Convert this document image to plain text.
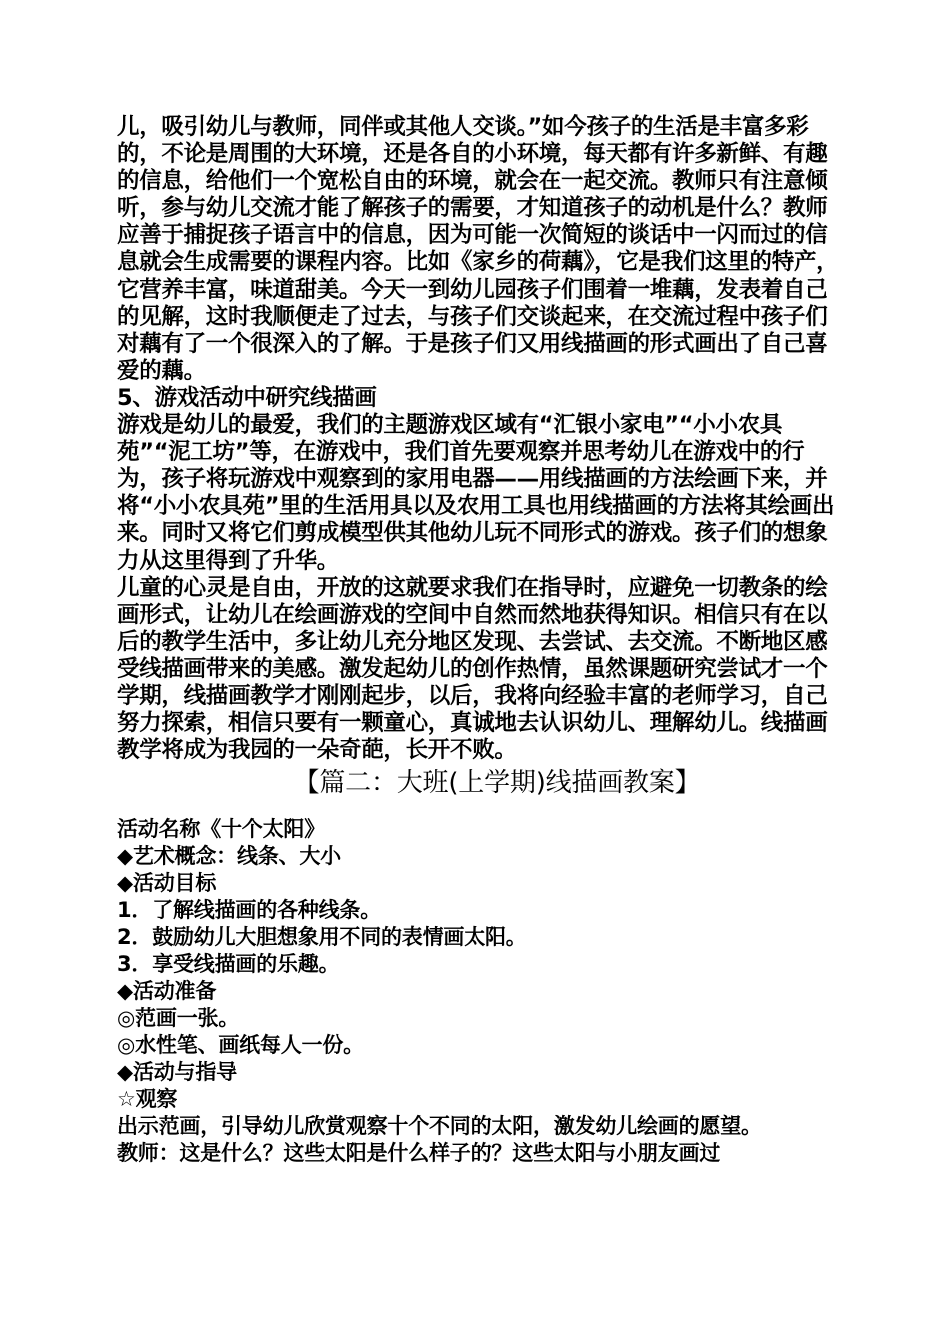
儿，吸引幼儿与教师，同伴或其他人交谈。”如今孩子的生活是丰富多彩的，不论是周围的大环境，还是各自的小环境，每天都有许多新鲜、有趣的信息，给他们一个宽松自由的环境，就会在一起交流。教师只有注意倾听，参与幼儿交流才能了解孩子的需要，才知道孩子的动机是什么？教师应善于捕捉孩子语言中的信息，因为可能一次简短的谈话中一闪而过的信息就会生成需要的课程内容。比如《家乡的荷藕》，它是我们这里的特产，它营养丰富，味道甜美。今天一到幼儿园孩子们围着一堆藕，发表着自己的见解，这时我顺便走了过去，与孩子们交谈起来，在交流过程中孩子们对藕有了一个很深入的了解。于是孩子们又用线描画的形式画出了自己喜爱的藕。

5、游戏活动中研究线描画

游戏是幼儿的最爱，我们的主题游戏区域有“汇银小家电”“小小农具苑”“泥工坊”等，在游戏中，我们首先要观察并思考幼儿在游戏中的行为，孩子将玩游戏中观察到的家用电器——用线描画的方法绘画下来，并将“小小农具苑”里的生活用具以及农用工具也用线描画的方法将其绘画出来。同时又将它们剪成模型供其他幼儿玩不同形式的游戏。孩子们的想象力从这里得到了升华。

儿童的心灵是自由，开放的这就要求我们在指导时，应避免一切教条的绘画形式，让幼儿在绘画游戏的空间中自然而然地获得知识。相信只有在以后的教学生活中，多让幼儿充分地区发现、去尝试、去交流。不断地区感受线描画带来的美感。激发起幼儿的创作热情，虽然课题研究尝试才一个学期，线描画教学才刚刚起步，以后，我将向经验丰富的老师学习，自己努力探索，相信只要有一颗童心，真诚地去认识幼儿、理解幼儿。线描画教学将成为我园的一朵奇葩，长开不败。

【篇二：大班(上学期)线描画教案】

活动名称《十个太阳》

◆艺术概念：线条、大小

◆活动目标

1．了解线描画的各种线条。

2．鼓励幼儿大胆想象用不同的表情画太阳。

3．享受线描画的乐趣。

◆活动准备

◎范画一张。

◎水性笔、画纸每人一份。

◆活动与指导

☆观察

出示范画，引导幼儿欣赏观察十个不同的太阳，激发幼儿绘画的愿望。

教师：这是什么？这些太阳是什么样子的？这些太阳与小朋友画过
